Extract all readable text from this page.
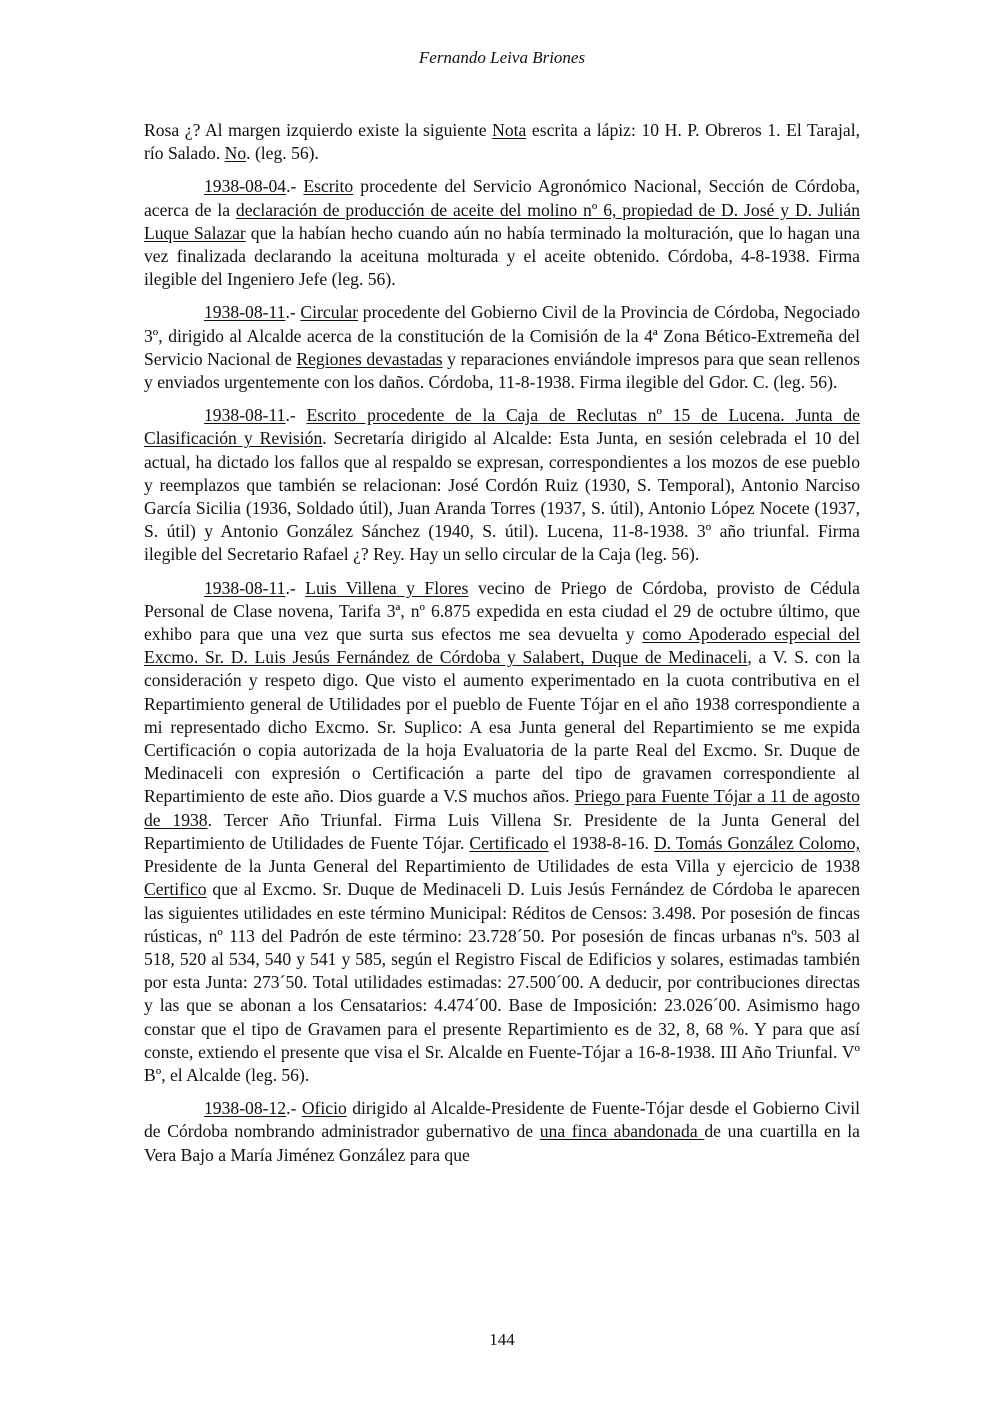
Fernando Leiva Briones

Rosa ¿? Al margen izquierdo existe la siguiente Nota escrita a lápiz: 10 H. P. Obreros 1. El Tarajal, río Salado. No. (leg. 56).

1938-08-04.- Escrito procedente del Servicio Agronómico Nacional, Sección de Córdoba, acerca de la declaración de producción de aceite del molino nº 6, propiedad de D. José y D. Julián Luque Salazar que la habían hecho cuando aún no había terminado la molturación, que lo hagan una vez finalizada declarando la aceituna molturada y el aceite obtenido. Córdoba, 4-8-1938. Firma ilegible del Ingeniero Jefe (leg. 56).

1938-08-11.- Circular procedente del Gobierno Civil de la Provincia de Córdoba, Negociado 3º, dirigido al Alcalde acerca de la constitución de la Comisión de la 4ª Zona Bético-Extremeña del Servicio Nacional de Regiones devastadas y reparaciones enviándole impresos para que sean rellenos y enviados urgentemente con los daños. Córdoba, 11-8-1938. Firma ilegible del Gdor. C. (leg. 56).

1938-08-11.- Escrito procedente de la Caja de Reclutas nº 15 de Lucena. Junta de Clasificación y Revisión. Secretaría dirigido al Alcalde: Esta Junta, en sesión celebrada el 10 del actual, ha dictado los fallos que al respaldo se expresan, correspondientes a los mozos de ese pueblo y reemplazos que también se relacionan: José Cordón Ruiz (1930, S. Temporal), Antonio Narciso García Sicilia (1936, Soldado útil), Juan Aranda Torres (1937, S. útil), Antonio López Nocete (1937, S. útil) y Antonio González Sánchez (1940, S. útil). Lucena, 11-8-1938. 3º año triunfal. Firma ilegible del Secretario Rafael ¿? Rey. Hay un sello circular de la Caja (leg. 56).

1938-08-11.- Luis Villena y Flores vecino de Priego de Córdoba, provisto de Cédula Personal de Clase novena, Tarifa 3ª, nº 6.875 expedida en esta ciudad el 29 de octubre último, que exhibo para que una vez que surta sus efectos me sea devuelta y como Apoderado especial del Excmo. Sr. D. Luis Jesús Fernández de Córdoba y Salabert, Duque de Medinaceli, a V. S. con la consideración y respeto digo. Que visto el aumento experimentado en la cuota contributiva en el Repartimiento general de Utilidades por el pueblo de Fuente Tójar en el año 1938 correspondiente a mi representado dicho Excmo. Sr. Suplico: A esa Junta general del Repartimiento se me expida Certificación o copia autorizada de la hoja Evaluatoria de la parte Real del Excmo. Sr. Duque de Medinaceli con expresión o Certificación a parte del tipo de gravamen correspondiente al Repartimiento de este año. Dios guarde a V.S muchos años. Priego para Fuente Tójar a 11 de agosto de 1938. Tercer Año Triunfal. Firma Luis Villena Sr. Presidente de la Junta General del Repartimiento de Utilidades de Fuente Tójar. Certificado el 1938-8-16. D. Tomás González Colomo, Presidente de la Junta General del Repartimiento de Utilidades de esta Villa y ejercicio de 1938 Certifico que al Excmo. Sr. Duque de Medinaceli D. Luis Jesús Fernández de Córdoba le aparecen las siguientes utilidades en este término Municipal: Réditos de Censos: 3.498. Por posesión de fincas rústicas, nº 113 del Padrón de este término: 23.728´50. Por posesión de fincas urbanas nºs. 503 al 518, 520 al 534, 540 y 541 y 585, según el Registro Fiscal de Edificios y solares, estimadas también por esta Junta: 273´50. Total utilidades estimadas: 27.500´00. A deducir, por contribuciones directas y las que se abonan a los Censatarios: 4.474´00. Base de Imposición: 23.026´00. Asimismo hago constar que el tipo de Gravamen para el presente Repartimiento es de 32, 8, 68 %. Y para que así conste, extiendo el presente que visa el Sr. Alcalde en Fuente-Tójar a 16-8-1938. III Año Triunfal. Vº Bº, el Alcalde (leg. 56).

1938-08-12.- Oficio dirigido al Alcalde-Presidente de Fuente-Tójar desde el Gobierno Civil de Córdoba nombrando administrador gubernativo de una finca abandonada de una cuartilla en la Vera Bajo a María Jiménez González para que

144
